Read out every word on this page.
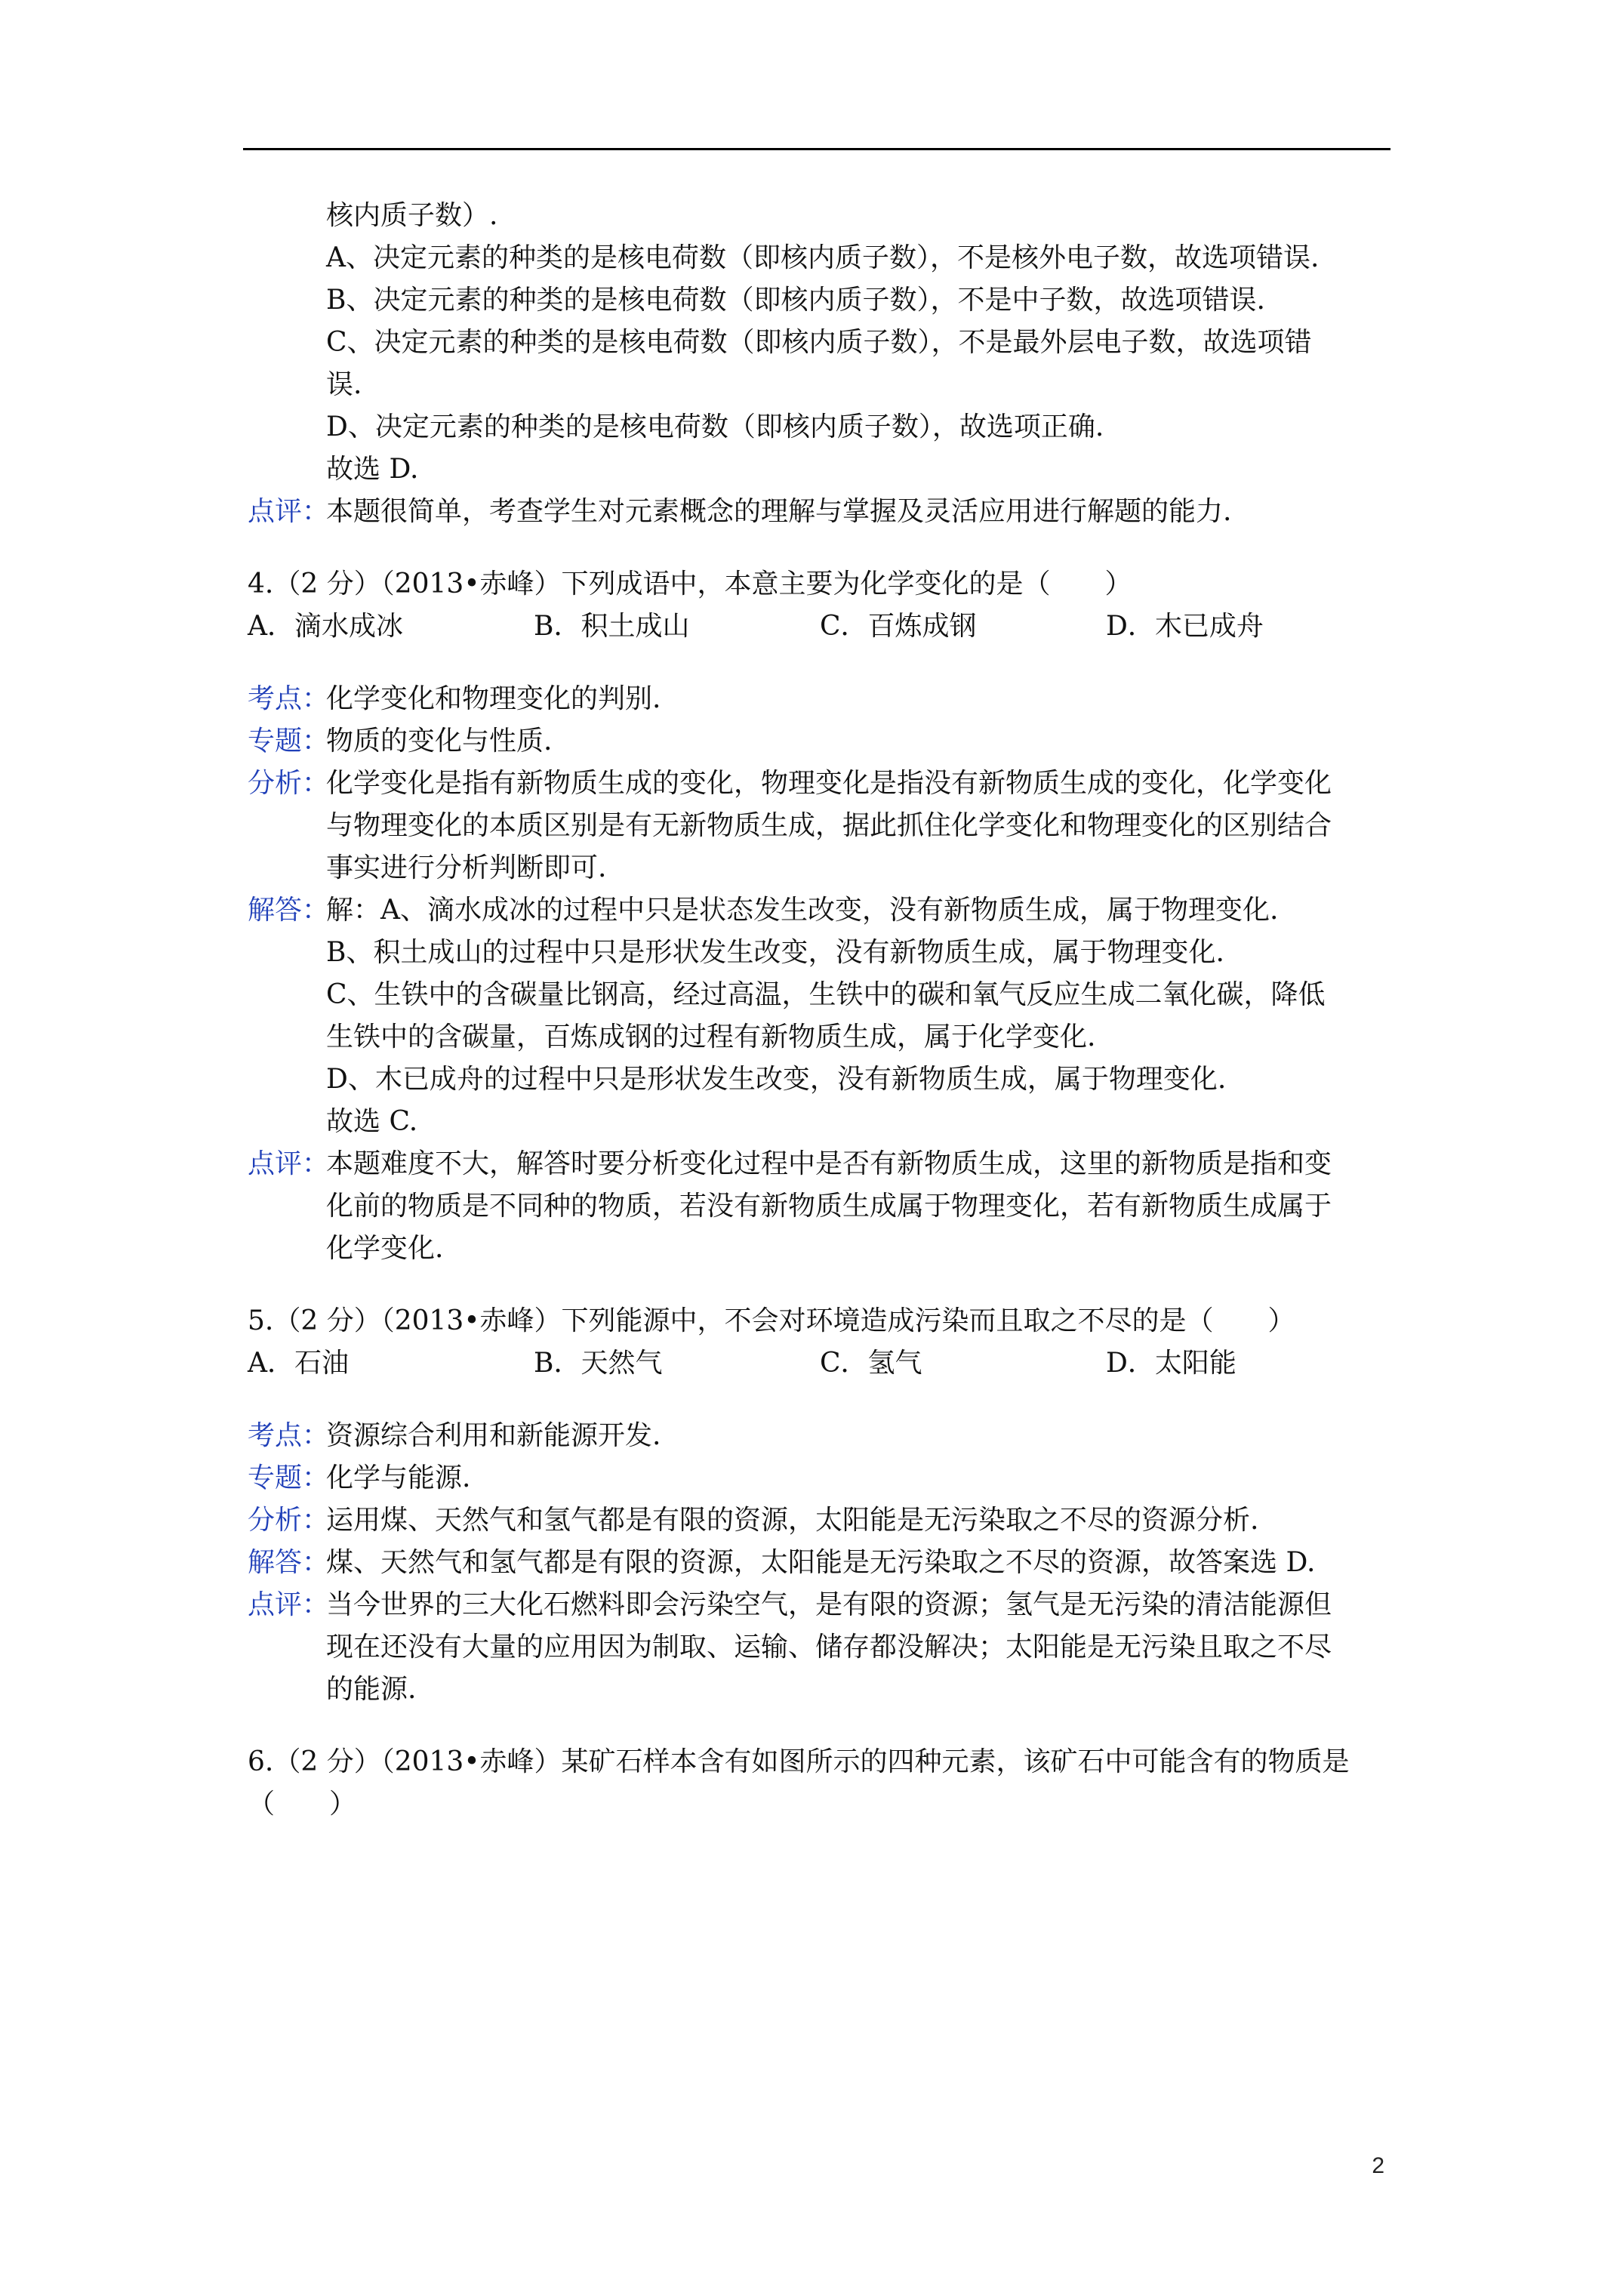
核内质子数）.
A、决定元素的种类的是核电荷数（即核内质子数），不是核外电子数，故选项错误.
B、决定元素的种类的是核电荷数（即核内质子数），不是中子数，故选项错误.
C、决定元素的种类的是核电荷数（即核内质子数），不是最外层电子数，故选项错
误.
D、决定元素的种类的是核电荷数（即核内质子数），故选项正确.
故选 D.
点评：
本题很简单，考查学生对元素概念的理解与掌握及灵活应用进行解题的能力.
4.（2 分）（2013•赤峰）下列成语中，本意主要为化学变化的是（　　）
A．滴水成冰	B．积土成山	C．百炼成钢	D．木已成舟
考点：
化学变化和物理变化的判别.
专题：
物质的变化与性质.
分析：
化学变化是指有新物质生成的变化，物理变化是指没有新物质生成的变化，化学变化
与物理变化的本质区别是有无新物质生成，据此抓住化学变化和物理变化的区别结合
事实进行分析判断即可.
解答：
解：A、滴水成冰的过程中只是状态发生改变，没有新物质生成，属于物理变化.
B、积土成山的过程中只是形状发生改变，没有新物质生成，属于物理变化.
C、生铁中的含碳量比钢高，经过高温，生铁中的碳和氧气反应生成二氧化碳，降低
生铁中的含碳量，百炼成钢的过程有新物质生成，属于化学变化.
D、木已成舟的过程中只是形状发生改变，没有新物质生成，属于物理变化.
故选 C.
点评：
本题难度不大，解答时要分析变化过程中是否有新物质生成，这里的新物质是指和变
化前的物质是不同种的物质，若没有新物质生成属于物理变化，若有新物质生成属于
化学变化.
5.（2 分）（2013•赤峰）下列能源中，不会对环境造成污染而且取之不尽的是（　　）
A．石油	B．天然气	C．氢气	D．太阳能
考点：
资源综合利用和新能源开发.
专题：
化学与能源.
分析：
运用煤、天然气和氢气都是有限的资源，太阳能是无污染取之不尽的资源分析.
解答：
煤、天然气和氢气都是有限的资源，太阳能是无污染取之不尽的资源，故答案选 D.
点评：
当今世界的三大化石燃料即会污染空气，是有限的资源；氢气是无污染的清洁能源但
现在还没有大量的应用因为制取、运输、储存都没解决；太阳能是无污染且取之不尽
的能源.
6.（2 分）（2013•赤峰）某矿石样本含有如图所示的四种元素，该矿石中可能含有的物质是
（　　）
2
